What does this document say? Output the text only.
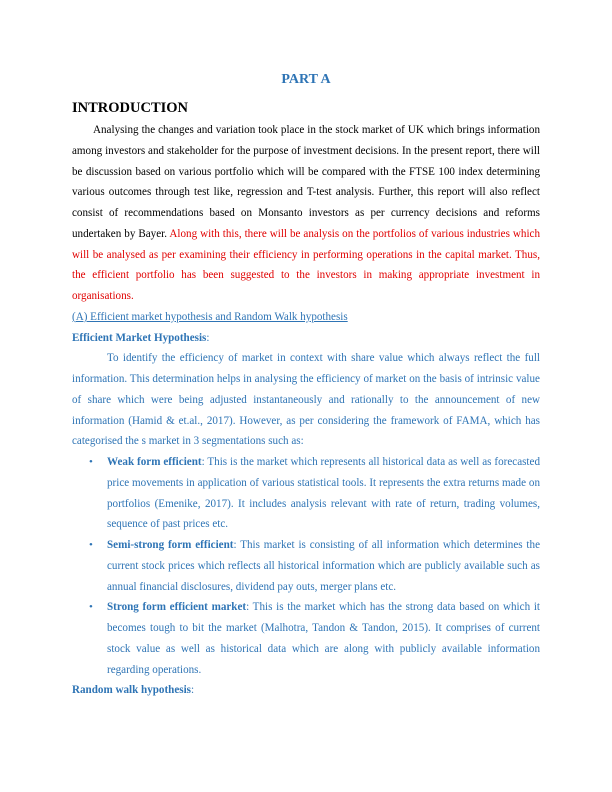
PART A
INTRODUCTION

Analysing the changes and variation took place in the stock market of UK which brings information among investors and stakeholder for the purpose of investment decisions. In the present report, there will be discussion based on various portfolio which will be compared with the FTSE 100 index determining various outcomes through test like, regression and T-test analysis. Further, this report will also reflect consist of recommendations based on Monsanto investors as per currency decisions and reforms undertaken by Bayer. Along with this, there will be analysis on the portfolios of various industries which will be analysed as per examining their efficiency in performing operations in the capital market. Thus, the efficient portfolio has been suggested to the investors in making appropriate investment in organisations.

(A) Efficient market hypothesis and Random Walk hypothesis
Efficient Market Hypothesis:

To identify the efficiency of market in context with share value which always reflect the full information. This determination helps in analysing the efficiency of market on the basis of intrinsic value of share which were being adjusted instantaneously and rationally to the announcement of new information (Hamid & et.al., 2017). However, as per considering the framework of FAMA, which has categorised the s market in 3 segmentations such as:

• Weak form efficient: This is the market which represents all historical data as well as forecasted price movements in application of various statistical tools. It represents the extra returns made on portfolios (Emenike, 2017). It includes analysis relevant with rate of return, trading volumes, sequence of past prices etc.
• Semi-strong form efficient: This market is consisting of all information which determines the current stock prices which reflects all historical information which are publicly available such as annual financial disclosures, dividend pay outs, merger plans etc.
• Strong form efficient market: This is the market which has the strong data based on which it becomes tough to bit the market (Malhotra, Tandon & Tandon, 2015). It comprises of current stock value as well as historical data which are along with publicly available information regarding operations.
Random walk hypothesis:
